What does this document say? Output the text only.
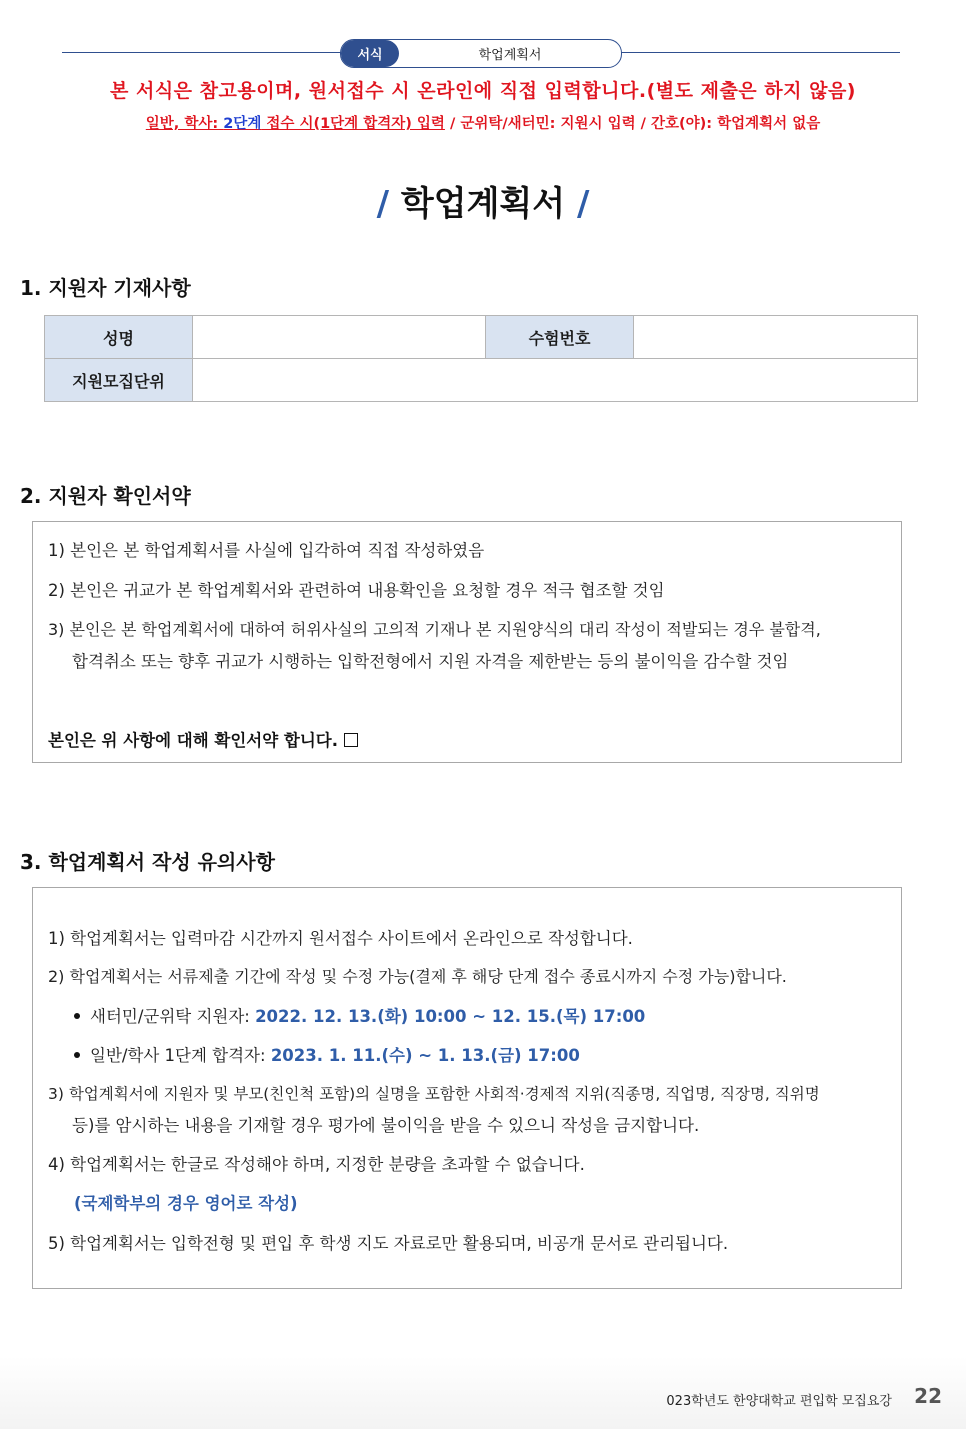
서식	학업계획서
본 서식은 참고용이며, 원서접수 시 온라인에 직접 입력합니다.(별도 제출은 하지 않음)
일반, 학사: 2단계 접수 시(1단계 합격자) 입력 / 군위탁/새터민: 지원시 입력 / 간호(야): 학업계획서 없음
/ 학업계획서 /
1. 지원자 기재사항
성명		수험번호	
지원모집단위			
2. 지원자 확인서약
1) 본인은 본 학업계획서를 사실에 입각하여 직접 작성하였음
2) 본인은 귀교가 본 학업계획서와 관련하여 내용확인을 요청할 경우 적극 협조할 것임
3) 본인은 본 학업계획서에 대하여 허위사실의 고의적 기재나 본 지원양식의 대리 작성이 적발되는 경우 불합격,
합격취소 또는 향후 귀교가 시행하는 입학전형에서 지원 자격을 제한받는 등의 불이익을 감수할 것임
본인은 위 사항에 대해 확인서약 합니다.
3. 학업계획서 작성 유의사항
1) 학업계획서는 입력마감 시간까지 원서접수 사이트에서 온라인으로 작성합니다.
2) 학업계획서는 서류제출 기간에 작성 및 수정 가능(결제 후 해당 단계 접수 종료시까지 수정 가능)합니다.
새터민/군위탁 지원자: 2022. 12. 13.(화) 10:00 ~ 12. 15.(목) 17:00
일반/학사 1단계 합격자: 2023. 1. 11.(수) ~ 1. 13.(금) 17:00
3) 학업계획서에 지원자 및 부모(친인척 포함)의 실명을 포함한 사회적·경제적 지위(직종명, 직업명, 직장명, 직위명
등)를 암시하는 내용을 기재할 경우 평가에 불이익을 받을 수 있으니 작성을 금지합니다.
4) 학업계획서는 한글로 작성해야 하며, 지정한 분량을 초과할 수 없습니다.
(국제학부의 경우 영어로 작성)
5) 학업계획서는 입학전형 및 편입 후 학생 지도 자료로만 활용되며, 비공개 문서로 관리됩니다.
023학년도 한양대학교 편입학 모집요강 22
